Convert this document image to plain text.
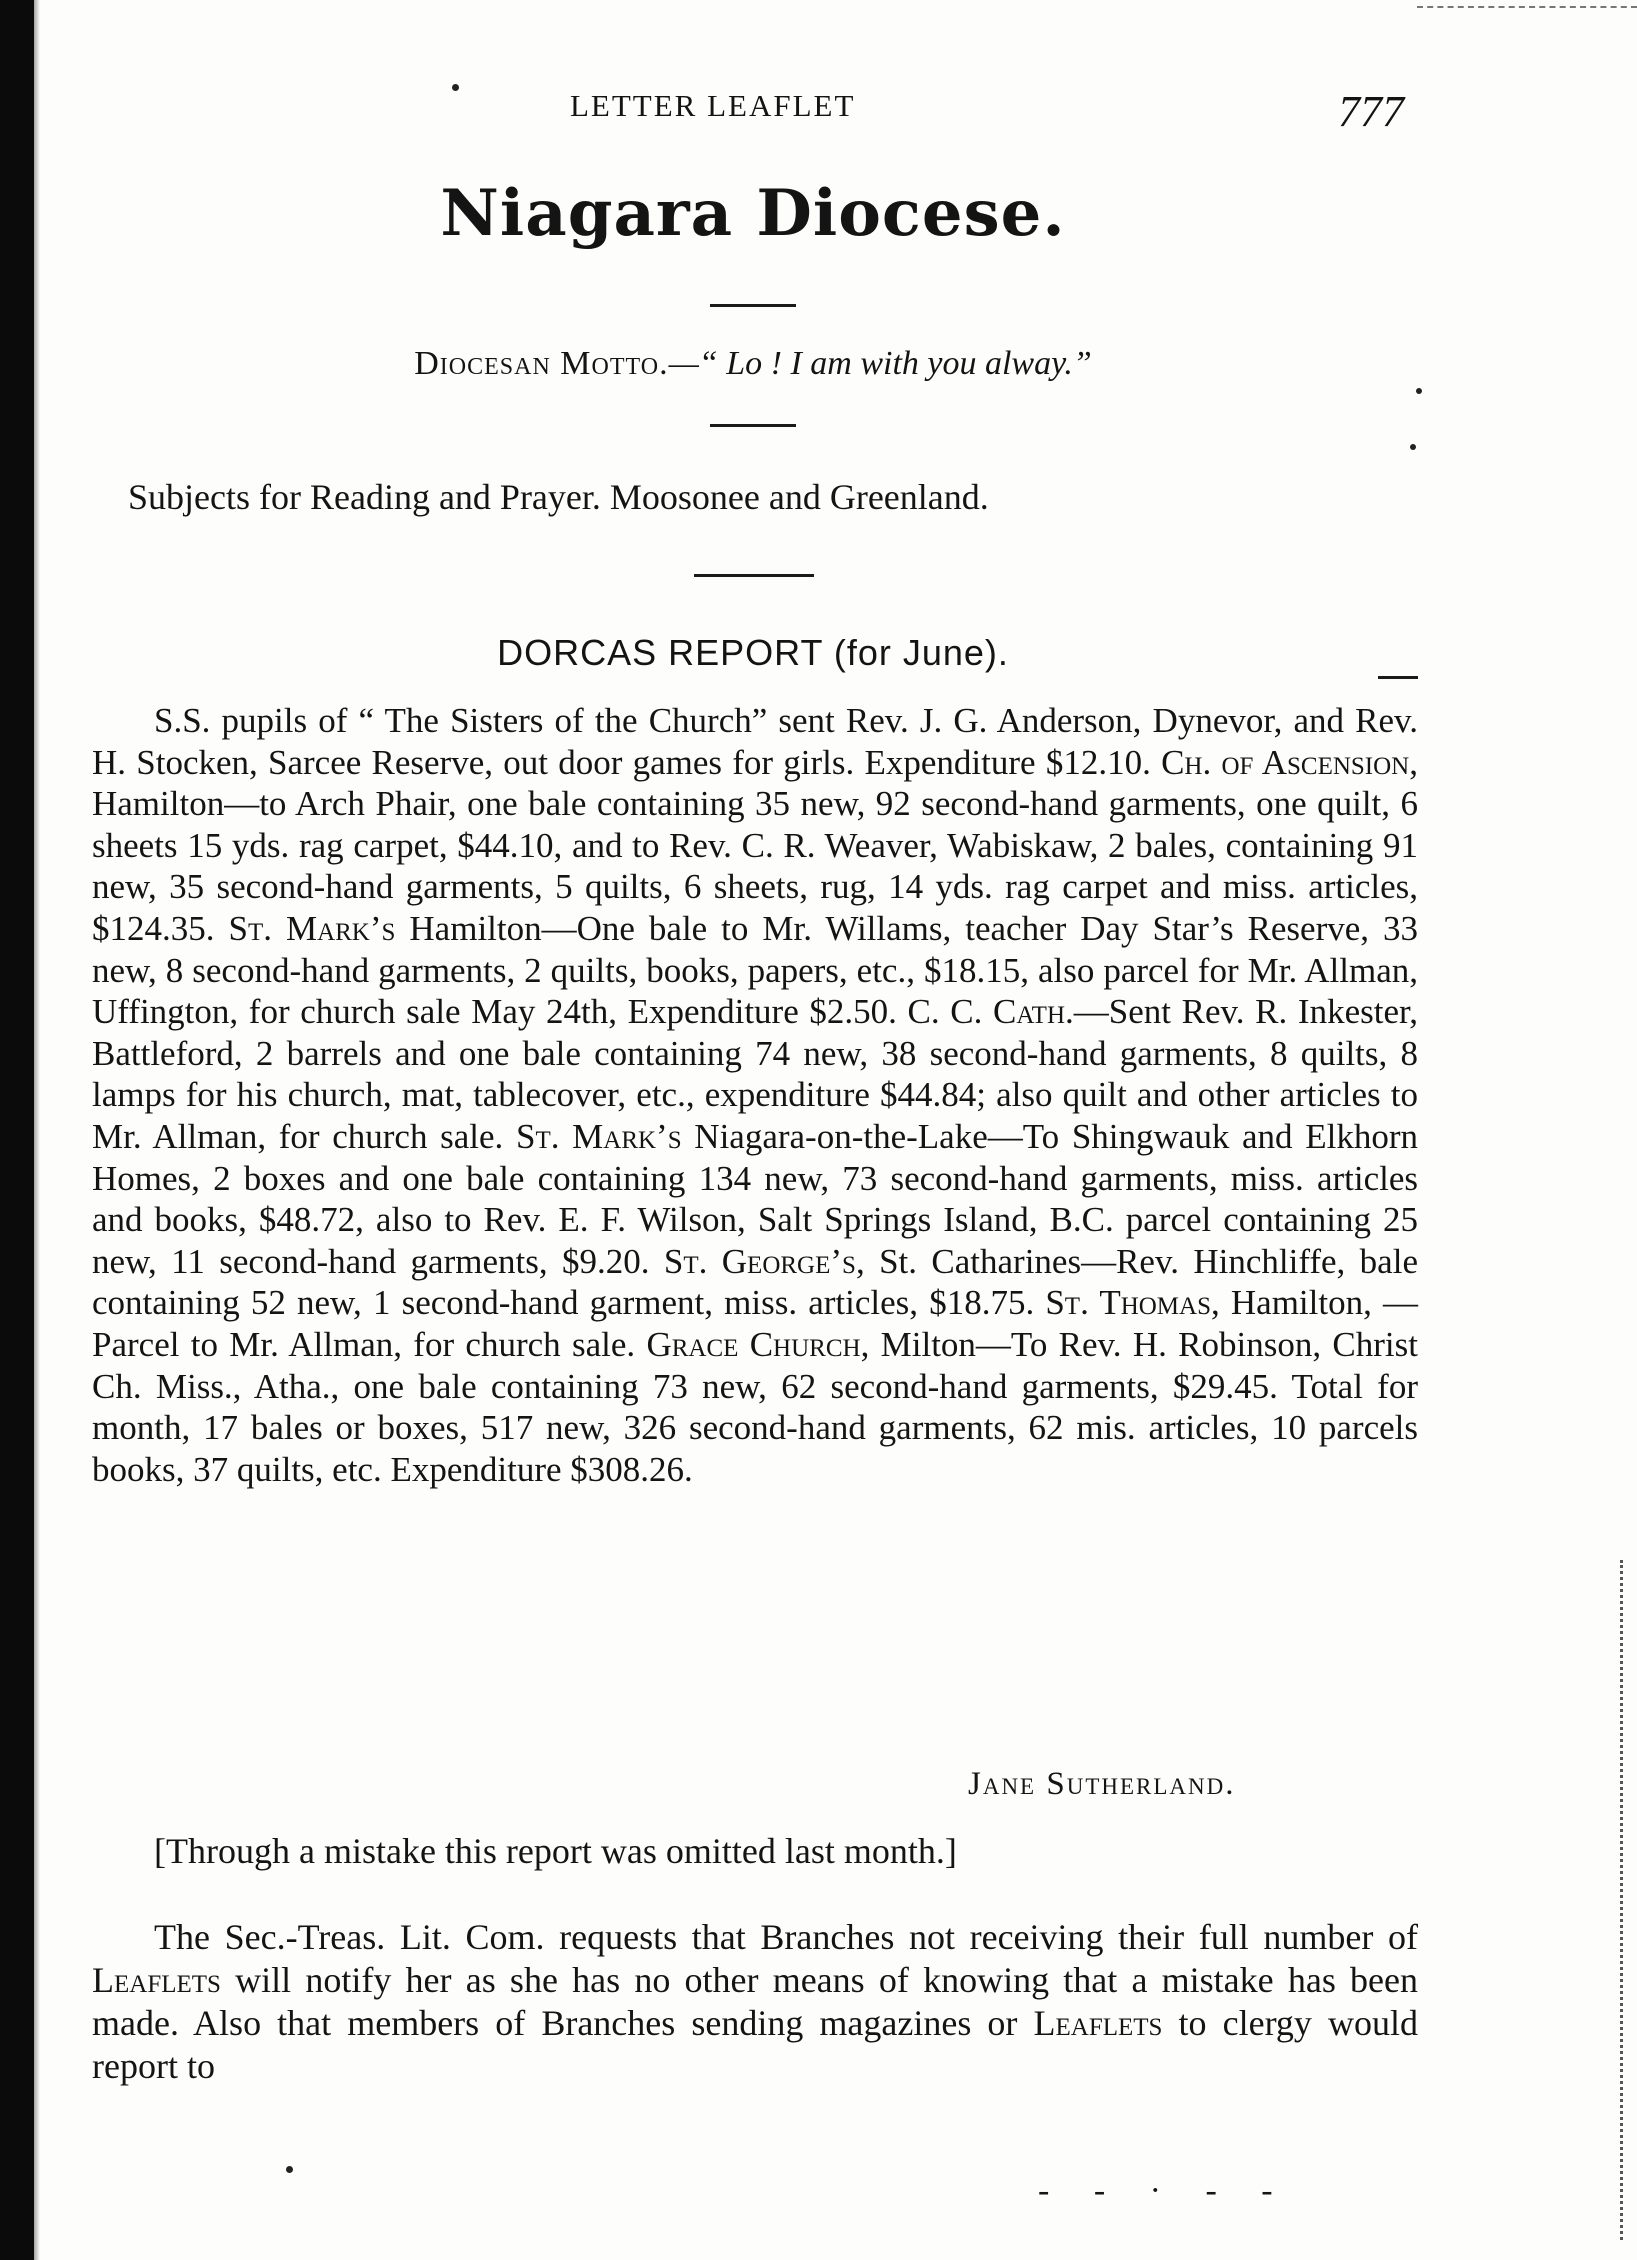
LETTER LEAFLET	777
Niagara Diocese.
Diocesan Motto.—“ Lo ! I am with you alway.”
Subjects for Reading and Prayer. Moosonee and Greenland.
DORCAS REPORT (for June).
S.S. pupils of “ The Sisters of the Church” sent Rev. J. G. Anderson, Dynevor, and Rev. H. Stocken, Sarcee Reserve, out door games for girls. Expenditure $12.10. Ch. of Ascension, Hamilton—to Arch Phair, one bale containing 35 new, 92 second-hand garments, one quilt, 6 sheets 15 yds. rag carpet, $44.10, and to Rev. C. R. Weaver, Wabiskaw, 2 bales, containing 91 new, 35 second-hand garments, 5 quilts, 6 sheets, rug, 14 yds. rag carpet and miss. articles, $124.35. St. Mark’s Hamilton—One bale to Mr. Willams, teacher Day Star’s Reserve, 33 new, 8 second-hand garments, 2 quilts, books, papers, etc., $18.15, also parcel for Mr. Allman, Uffington, for church sale May 24th, Expenditure $2.50. C. C. Cath.—Sent Rev. R. Inkester, Battleford, 2 barrels and one bale containing 74 new, 38 second-hand garments, 8 quilts, 8 lamps for his church, mat, tablecover, etc., expenditure $44.84; also quilt and other articles to Mr. Allman, for church sale. St. Mark’s Niagara-on-the-Lake—To Shingwauk and Elkhorn Homes, 2 boxes and one bale containing 134 new, 73 second-hand garments, miss. articles and books, $48.72, also to Rev. E. F. Wilson, Salt Springs Island, B.C. parcel containing 25 new, 11 second-hand garments, $9.20. St. George’s, St. Catharines—Rev. Hinchliffe, bale containing 52 new, 1 second-hand garment, miss. articles, $18.75. St. Thomas, Hamilton, —Parcel to Mr. Allman, for church sale. Grace Church, Milton—To Rev. H. Robinson, Christ Ch. Miss., Atha., one bale containing 73 new, 62 second-hand garments, $29.45. Total for month, 17 bales or boxes, 517 new, 326 second-hand garments, 62 mis. articles, 10 parcels books, 37 quilts, etc. Expenditure $308.26.
Jane Sutherland.
[Through a mistake this report was omitted last month.]
The Sec.-Treas. Lit. Com. requests that Branches not receiving their full number of Leaflets will notify her as she has no other means of knowing that a mistake has been made. Also that members of Branches sending magazines or Leaflets to clergy would report to
- - · - -
